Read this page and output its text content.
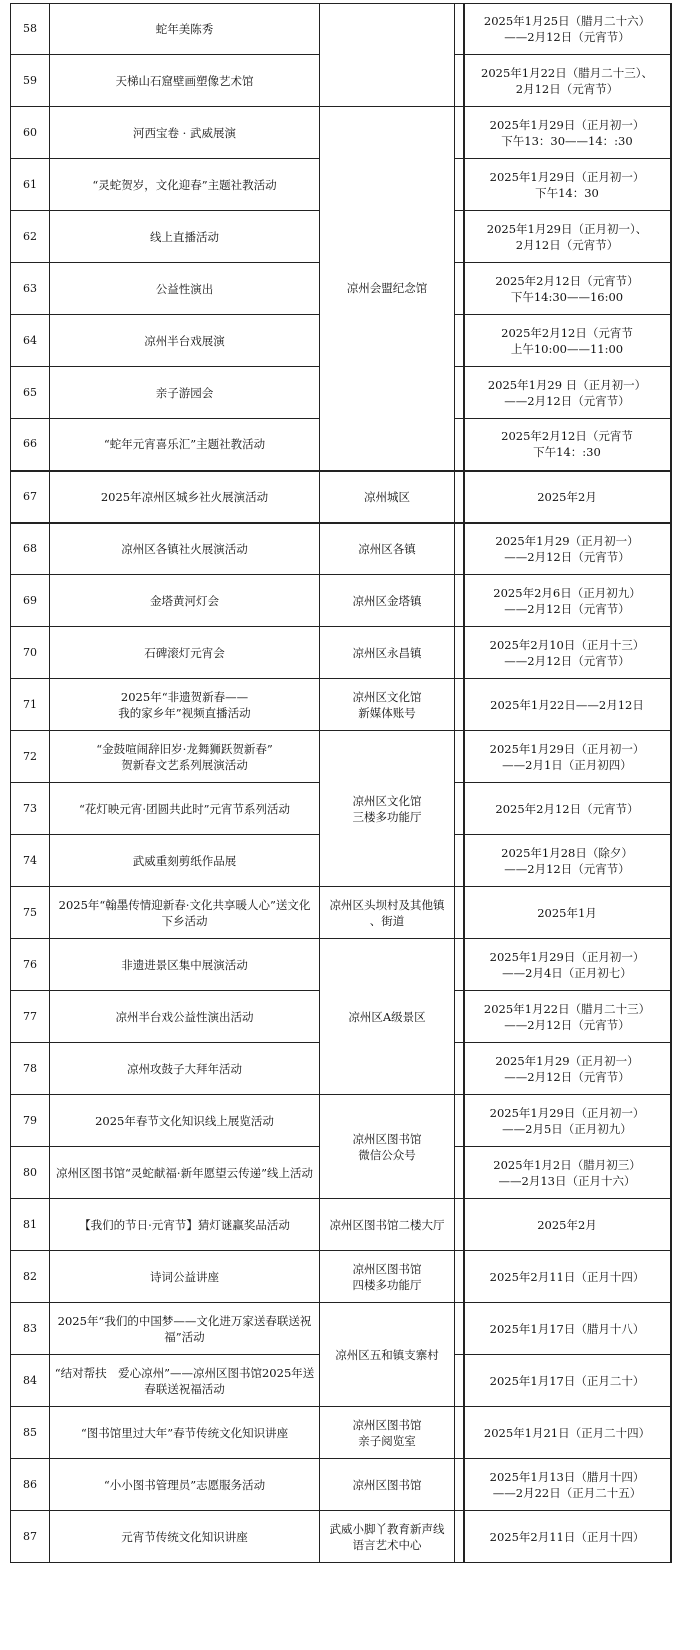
58	蛇年美陈秀			2025年1月25日（腊月二十六）
——2月12日（元宵节）
59	天梯山石窟壁画塑像艺术馆			2025年1月22日（腊月二十三）、
2月12日（元宵节）
60	河西宝卷 · 武威展演	凉州会盟纪念馆		2025年1月29日（正月初一）
下午13：30——14：:30
61	“灵蛇贺岁，文化迎春”主题社教活动			2025年1月29日（正月初一）
下午14：30
62	线上直播活动			2025年1月29日（正月初一）、
2月12日（元宵节）
63	公益性演出			2025年2月12日（元宵节）
下午14:30——16:00
64	凉州半台戏展演			2025年2月12日（元宵节
上午10:00——11:00
65	亲子游园会			2025年1月29 日（正月初一）
——2月12日（元宵节）
66	“蛇年元宵喜乐汇”主题社教活动			2025年2月12日（元宵节
下午14：:30
67	2025年凉州区城乡社火展演活动	凉州城区		2025年2月
68	凉州区各镇社火展演活动	凉州区各镇		2025年1月29（正月初一）
——2月12日（元宵节）
69	金塔黄河灯会	凉州区金塔镇		2025年2月6日（正月初九）
——2月12日（元宵节）
70	石碑滚灯元宵会	凉州区永昌镇		2025年2月10日（正月十三）
——2月12日（元宵节）
71	2025年“非遗贺新春——
我的家乡年”视频直播活动	凉州区文化馆
新媒体账号		2025年1月22日——2月12日
72	“金鼓喧闹辞旧岁·龙舞狮跃贺新春”
贺新春文艺系列展演活动	凉州区文化馆
三楼多功能厅		2025年1月29日（正月初一）
——2月1日（正月初四）
73	“花灯映元宵·团圆共此时”元宵节系列活动			2025年2月12日（元宵节）
74	武威重刻剪纸作品展			2025年1月28日（除夕）
——2月12日（元宵节）
75	2025年“翰墨传情迎新春·文化共享暖人心”送文化下乡活动	凉州区头坝村及其他镇
、街道		2025年1月
76	非遗进景区集中展演活动	凉州区A级景区		2025年1月29日（正月初一）
——2月4日（正月初七）
77	凉州半台戏公益性演出活动			2025年1月22日（腊月二十三）
——2月12日（元宵节）
78	凉州攻鼓子大拜年活动			2025年1月29（正月初一）
——2月12日（元宵节）
79	2025年春节文化知识线上展览活动	凉州区图书馆
微信公众号		2025年1月29日（正月初一）
——2月5日（正月初九）
80	凉州区图书馆“灵蛇献福·新年愿望云传递”线上活动			2025年1月2日（腊月初三）
——2月13日（正月十六）
81	【我们的节日·元宵节】猜灯谜赢奖品活动	凉州区图书馆二楼大厅		2025年2月
82	诗词公益讲座	凉州区图书馆
四楼多功能厅		2025年2月11日（正月十四）
83	2025年“我们的中国梦——文化进万家送春联送祝福”活动	凉州区五和镇支寨村		2025年1月17日（腊月十八）
84	“结对帮扶　爱心凉州”——凉州区图书馆2025年送春联送祝福活动			2025年1月17日（正月二十）
85	“图书馆里过大年”春节传统文化知识讲座	凉州区图书馆
亲子阅览室		2025年1月21日（正月二十四）
86	“小小图书管理员”志愿服务活动	凉州区图书馆		2025年1月13日（腊月十四）
——2月22日（正月二十五）
87	元宵节传统文化知识讲座	武威小脚丫教育新声线
语言艺术中心		2025年2月11日（正月十四）
